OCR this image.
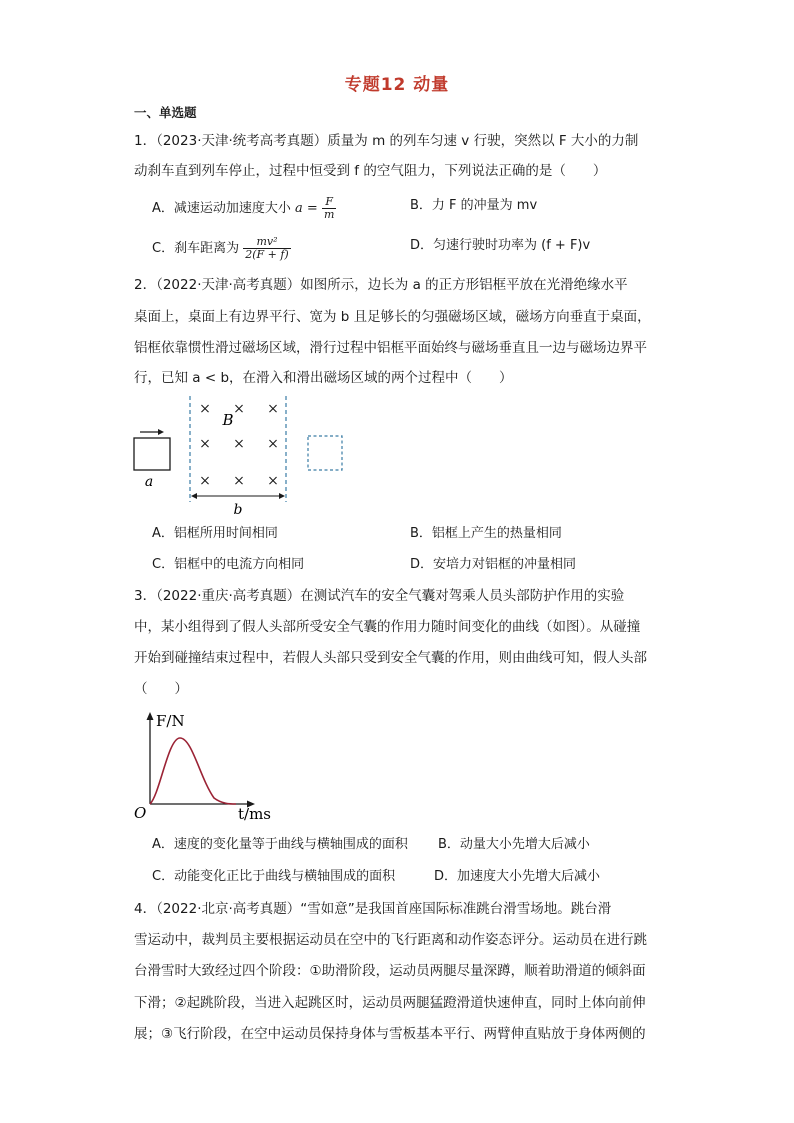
专题12 动量
一、单选题
1．（2023·天津·统考高考真题）质量为 m 的列车匀速 v 行驶，突然以 F 大小的力制
动刹车直到列车停止，过程中恒受到 f 的空气阻力，下列说法正确的是（　　）
A．减速运动加速度大小 $a = \frac{F}{m}$	B．力 F 的冲量为 mv
C．刹车距离为 $\frac{\text{mv²}}{2(F + f)}$	D．匀速行驶时功率为 (f + F)v
2．（2022·天津·高考真题）如图所示，边长为 a 的正方形铝框平放在光滑绝缘水平
桌面上，桌面上有边界平行、宽为 b 且足够长的匀强磁场区域，磁场方向垂直于桌面，
铝框依靠惯性滑过磁场区域，滑行过程中铝框平面始终与磁场垂直且一边与磁场边界平
行，已知 a < b，在滑入和滑出磁场区域的两个过程中（　　）
a
× × ×
× × ×
× × ×
B
b
A．铝框所用时间相同	B．铝框上产生的热量相同
C．铝框中的电流方向相同	D．安培力对铝框的冲量相同
3．（2022·重庆·高考真题）在测试汽车的安全气囊对驾乘人员头部防护作用的实验
中，某小组得到了假人头部所受安全气囊的作用力随时间变化的曲线（如图）。从碰撞
开始到碰撞结束过程中，若假人头部只受到安全气囊的作用，则由曲线可知，假人头部
（　　）
F/N
t/ms
O
A．速度的变化量等于曲线与横轴围成的面积 B．动量大小先增大后减小
C．动能变化正比于曲线与横轴围成的面积	D．加速度大小先增大后减小
4．（2022·北京·高考真题）“雪如意”是我国首座国际标准跳台滑雪场地。跳台滑
雪运动中，裁判员主要根据运动员在空中的飞行距离和动作姿态评分。运动员在进行跳
台滑雪时大致经过四个阶段：①助滑阶段，运动员两腿尽量深蹲，顺着助滑道的倾斜面
下滑；②起跳阶段，当进入起跳区时，运动员两腿猛蹬滑道快速伸直，同时上体向前伸
展；③飞行阶段，在空中运动员保持身体与雪板基本平行、两臂伸直贴放于身体两侧的
